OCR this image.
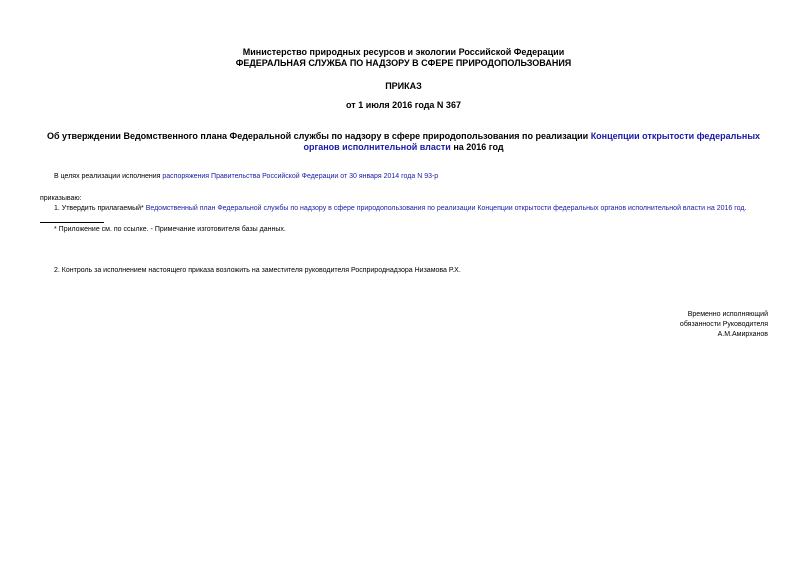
Министерство природных ресурсов и экологии Российской Федерации
ФЕДЕРАЛЬНАЯ СЛУЖБА ПО НАДЗОРУ В СФЕРЕ ПРИРОДОПОЛЬЗОВАНИЯ
ПРИКАЗ
от 1 июля 2016 года N 367
Об утверждении Ведомственного плана Федеральной службы по надзору в сфере природопользования по реализации Концепции открытости федеральных
органов исполнительной власти на 2016 год
В целях реализации исполнения распоряжения Правительства Российской Федерации от 30 января 2014 года N 93-р
приказываю:
1. Утвердить прилагаемый* Ведомственный план Федеральной службы по надзору в сфере природопользования по реализации Концепции открытости федеральных органов исполнительной власти на 2016 год.
* Приложение см. по ссылке. - Примечание изготовителя базы данных.
2. Контроль за исполнением настоящего приказа возложить на заместителя руководителя Росприроднадзора Низамова Р.Х.
Временно исполняющий
обязанности Руководителя
А.М.Амирханов
